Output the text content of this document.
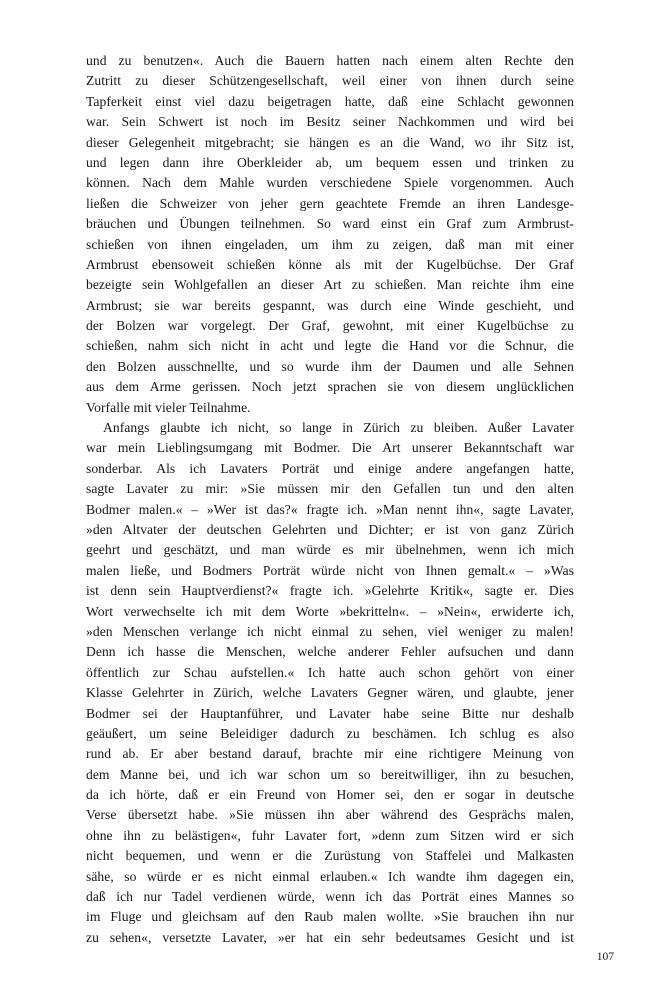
und zu benutzen«. Auch die Bauern hatten nach einem alten Rechte den
Zutritt zu dieser Schützengesellschaft, weil einer von ihnen durch seine
Tapferkeit einst viel dazu beigetragen hatte, daß eine Schlacht gewonnen
war. Sein Schwert ist noch im Besitz seiner Nachkommen und wird bei
dieser Gelegenheit mitgebracht; sie hängen es an die Wand, wo ihr Sitz ist,
und legen dann ihre Oberkleider ab, um bequem essen und trinken zu
können. Nach dem Mahle wurden verschiedene Spiele vorgenommen. Auch
ließen die Schweizer von jeher gern geachtete Fremde an ihren Landesge-
bräuchen und Übungen teilnehmen. So ward einst ein Graf zum Armbrust-
schießen von ihnen eingeladen, um ihm zu zeigen, daß man mit einer
Armbrust ebensoweit schießen könne als mit der Kugelbüchse. Der Graf
bezeigte sein Wohlgefallen an dieser Art zu schießen. Man reichte ihm eine
Armbrust; sie war bereits gespannt, was durch eine Winde geschieht, und
der Bolzen war vorgelegt. Der Graf, gewohnt, mit einer Kugelbüchse zu
schießen, nahm sich nicht in acht und legte die Hand vor die Schnur, die
den Bolzen ausschnellte, und so wurde ihm der Daumen und alle Sehnen
aus dem Arme gerissen. Noch jetzt sprachen sie von diesem unglücklichen
Vorfalle mit vieler Teilnahme.
Anfangs glaubte ich nicht, so lange in Zürich zu bleiben. Außer Lavater
war mein Lieblingsumgang mit Bodmer. Die Art unserer Bekanntschaft war
sonderbar. Als ich Lavaters Porträt und einige andere angefangen hatte,
sagte Lavater zu mir: »Sie müssen mir den Gefallen tun und den alten
Bodmer malen.« – »Wer ist das?« fragte ich. »Man nennt ihn«, sagte Lavater,
»den Altvater der deutschen Gelehrten und Dichter; er ist von ganz Zürich
geehrt und geschätzt, und man würde es mir übelnehmen, wenn ich mich
malen ließe, und Bodmers Porträt würde nicht von Ihnen gemalt.« – »Was
ist denn sein Hauptverdienst?« fragte ich. »Gelehrte Kritik«, sagte er. Dies
Wort verwechselte ich mit dem Worte »bekritteln«. – »Nein«, erwiderte ich,
»den Menschen verlange ich nicht einmal zu sehen, viel weniger zu malen!
Denn ich hasse die Menschen, welche anderer Fehler aufsuchen und dann
öffentlich zur Schau aufstellen.« Ich hatte auch schon gehört von einer
Klasse Gelehrter in Zürich, welche Lavaters Gegner wären, und glaubte, jener
Bodmer sei der Hauptanführer, und Lavater habe seine Bitte nur deshalb
geäußert, um seine Beleidiger dadurch zu beschämen. Ich schlug es also
rund ab. Er aber bestand darauf, brachte mir eine richtigere Meinung von
dem Manne bei, und ich war schon um so bereitwilliger, ihn zu besuchen,
da ich hörte, daß er ein Freund von Homer sei, den er sogar in deutsche
Verse übersetzt habe. »Sie müssen ihn aber während des Gesprächs malen,
ohne ihn zu belästigen«, fuhr Lavater fort, »denn zum Sitzen wird er sich
nicht bequemen, und wenn er die Zurüstung von Staffelei und Malkasten
sähe, so würde er es nicht einmal erlauben.« Ich wandte ihm dagegen ein,
daß ich nur Tadel verdienen würde, wenn ich das Porträt eines Mannes so
im Fluge und gleichsam auf den Raub malen wollte. »Sie brauchen ihn nur
zu sehen«, versetzte Lavater, »er hat ein sehr bedeutsames Gesicht und ist
107
